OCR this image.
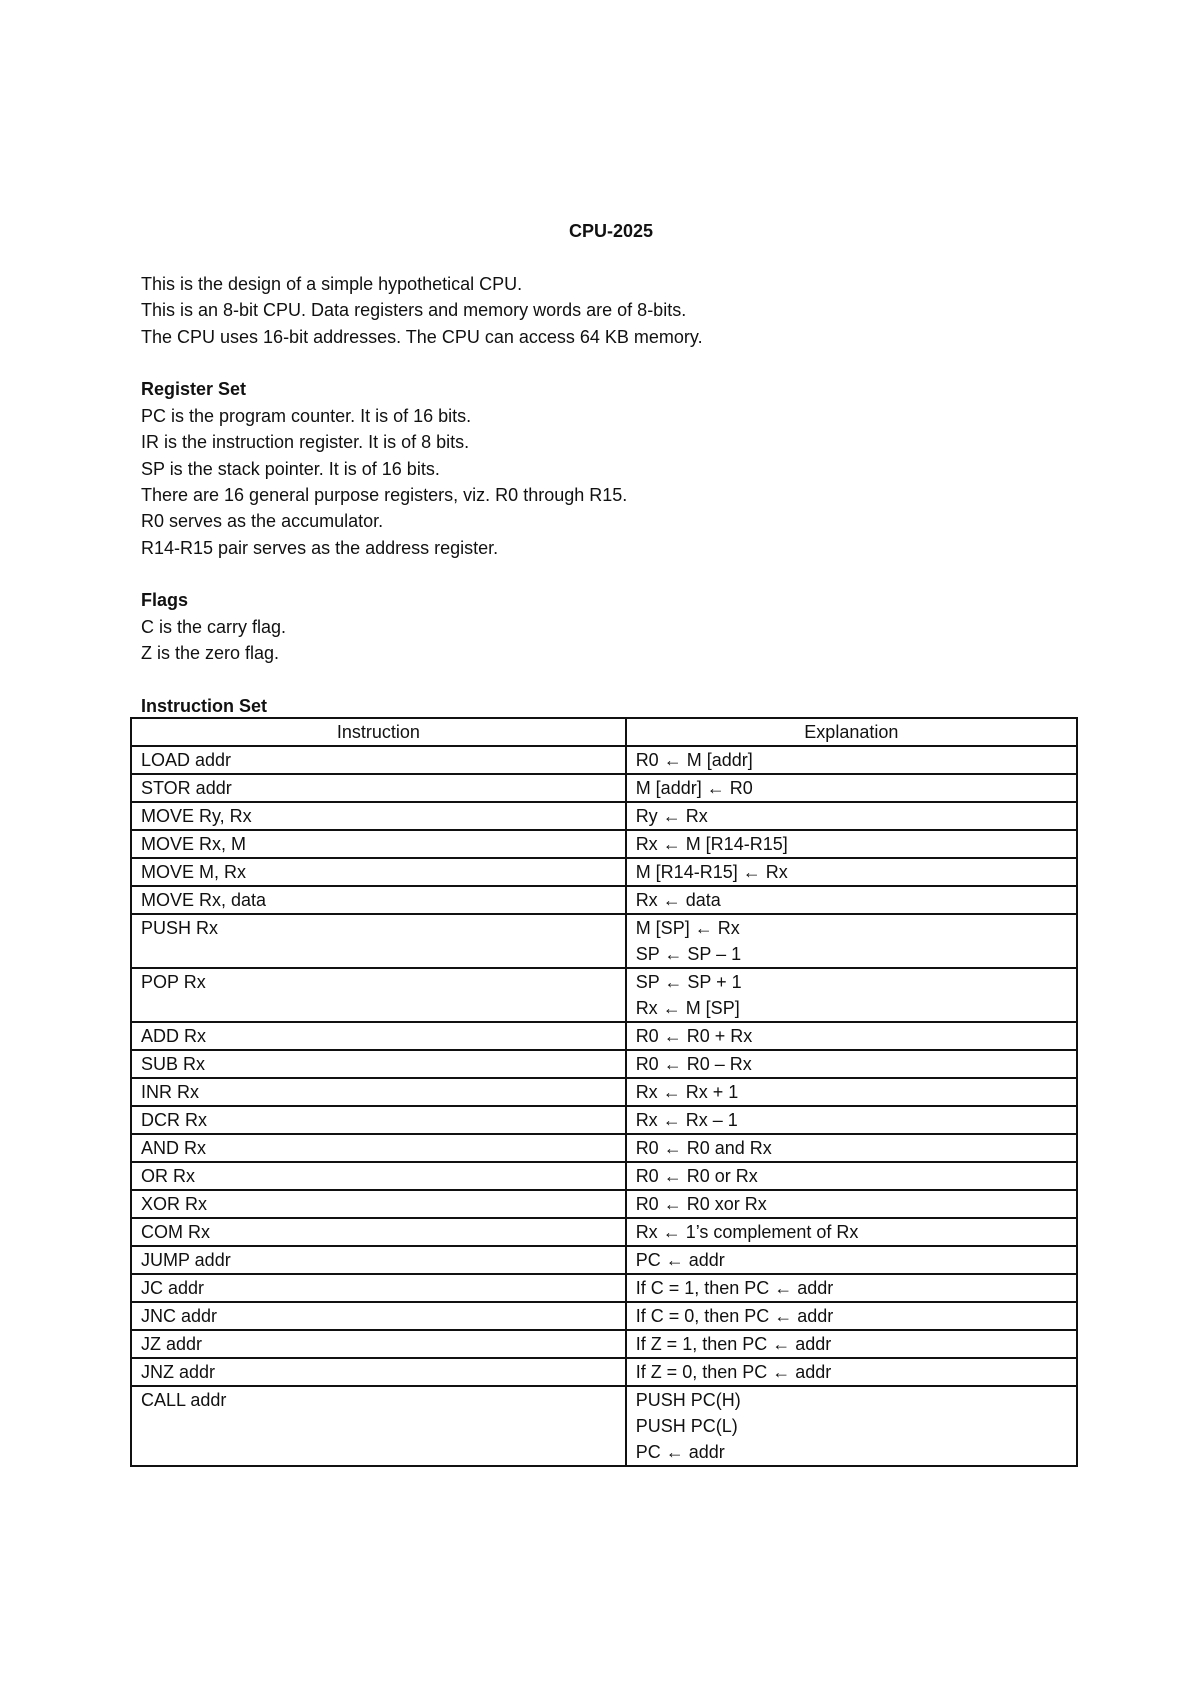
CPU-2025

This is the design of a simple hypothetical CPU.

This is an 8-bit CPU. Data registers and memory words are of 8-bits.

The CPU uses 16-bit addresses. The CPU can access 64 KB memory.

Register Set

PC is the program counter. It is of 16 bits.

IR is the instruction register. It is of 8 bits.

SP is the stack pointer. It is of 16 bits.

There are 16 general purpose registers, viz. R0 through R15.

R0 serves as the accumulator.

R14-R15 pair serves as the address register.

Flags

C is the carry flag.

Z is the zero flag.

Instruction Set

Instruction	Explanation
LOAD addr	R0 ← M [addr]

STOR addr	M [addr] ← R0

MOVE Ry, Rx	Ry ← Rx

MOVE Rx, M	Rx ← M [R14-R15]

MOVE M, Rx	M [R14-R15] ← Rx

MOVE Rx, data	Rx ← data

PUSH Rx	M [SP] ← Rx
SP ← SP – 1

POP Rx	SP ← SP + 1
Rx ← M [SP]

ADD Rx	R0 ← R0 + Rx

SUB Rx	R0 ← R0 – Rx

INR Rx	Rx ← Rx + 1

DCR Rx	Rx ← Rx – 1

AND Rx	R0 ← R0 and Rx

OR Rx	R0 ← R0 or Rx

XOR Rx	R0 ← R0 xor Rx

COM Rx	Rx ← 1’s complement of Rx

JUMP addr	PC ← addr

JC addr	If C = 1, then PC ← addr

JNC addr	If C = 0, then PC ← addr

JZ addr	If Z = 1, then PC ← addr

JNZ addr	If Z = 0, then PC ← addr

CALL addr	PUSH PC(H)
PUSH PC(L)
PC ← addr
